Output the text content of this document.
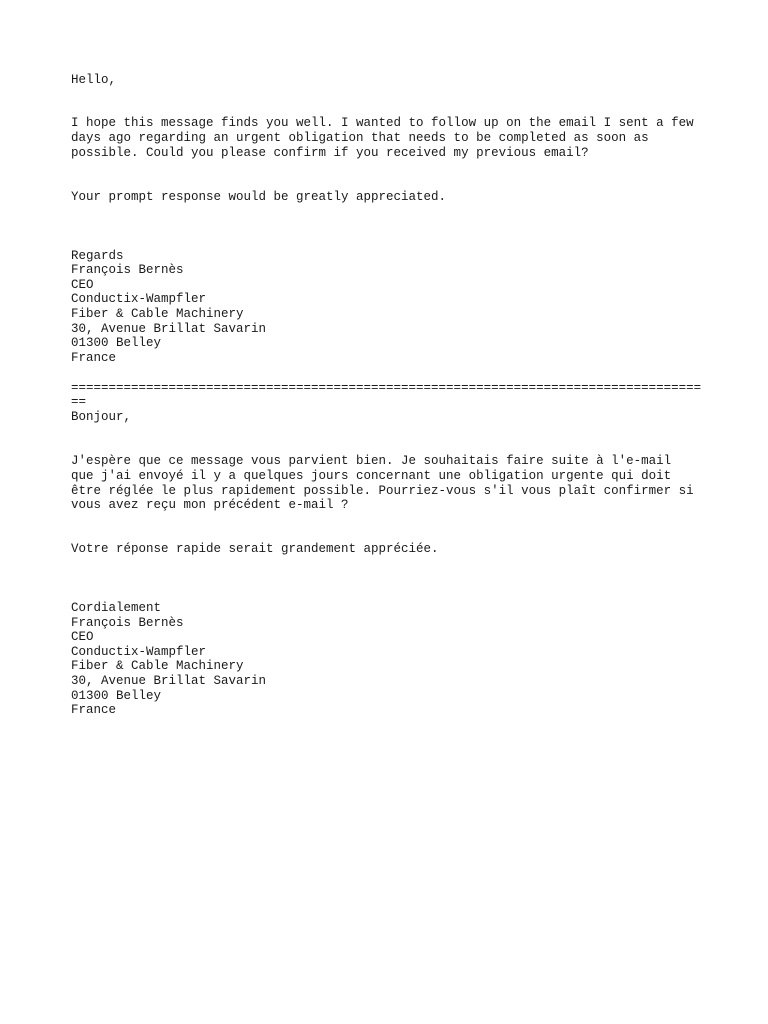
Hello,
I hope this message finds you well. I wanted to follow up on the email I sent a few
days ago regarding an urgent obligation that needs to be completed as soon as
possible. Could you please confirm if you received my previous email?
Your prompt response would be greatly appreciated.
Regards
François Bernès
CEO
Conductix-Wampfler
Fiber & Cable Machinery
30, Avenue Brillat Savarin
01300 Belley
France
====================================================================================
==
Bonjour,
J'espère que ce message vous parvient bien. Je souhaitais faire suite à l'e-mail
que j'ai envoyé il y a quelques jours concernant une obligation urgente qui doit
être réglée le plus rapidement possible. Pourriez-vous s'il vous plaît confirmer si
vous avez reçu mon précédent e-mail ?
Votre réponse rapide serait grandement appréciée.
Cordialement
François Bernès
CEO
Conductix-Wampfler
Fiber & Cable Machinery
30, Avenue Brillat Savarin
01300 Belley
France
